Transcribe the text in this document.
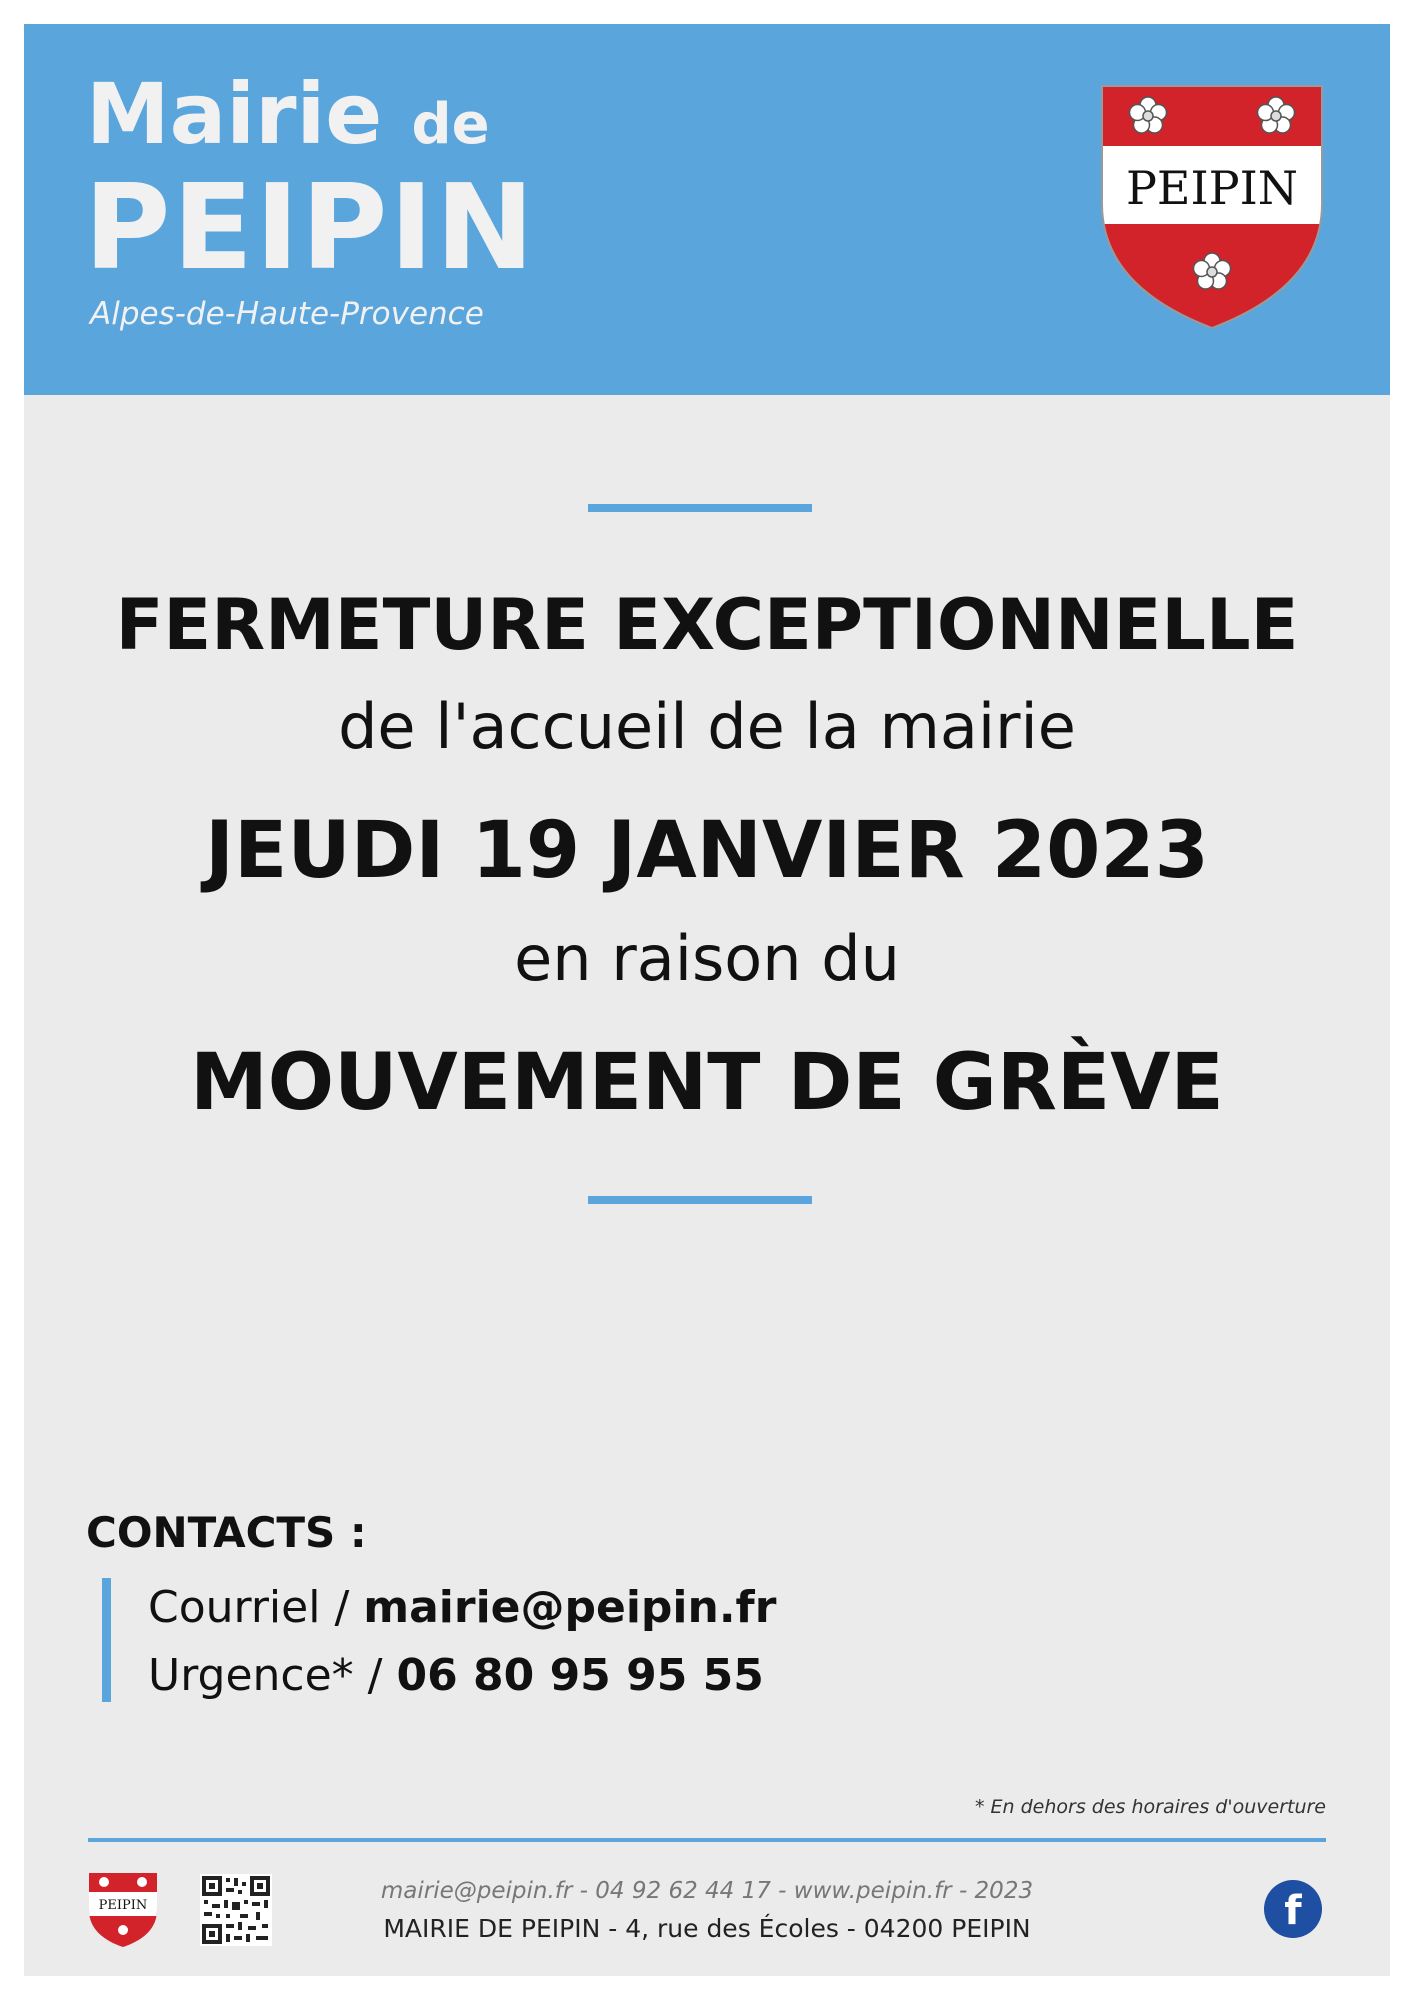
Mairie de
PEIPIN
Alpes-de-Haute-Provence
PEIPIN
FERMETURE EXCEPTIONNELLE
de l'accueil de la mairie
JEUDI 19 JANVIER 2023
en raison du
MOUVEMENT DE GRÈVE
CONTACTS :
Courriel / mairie@peipin.fr
Urgence* / 06 80 95 95 55
* En dehors des horaires d'ouverture
PEIPIN
mairie@peipin.fr - 04 92 62 44 17 - www.peipin.fr - 2023
MAIRIE DE PEIPIN - 4, rue des Écoles - 04200 PEIPIN	f
